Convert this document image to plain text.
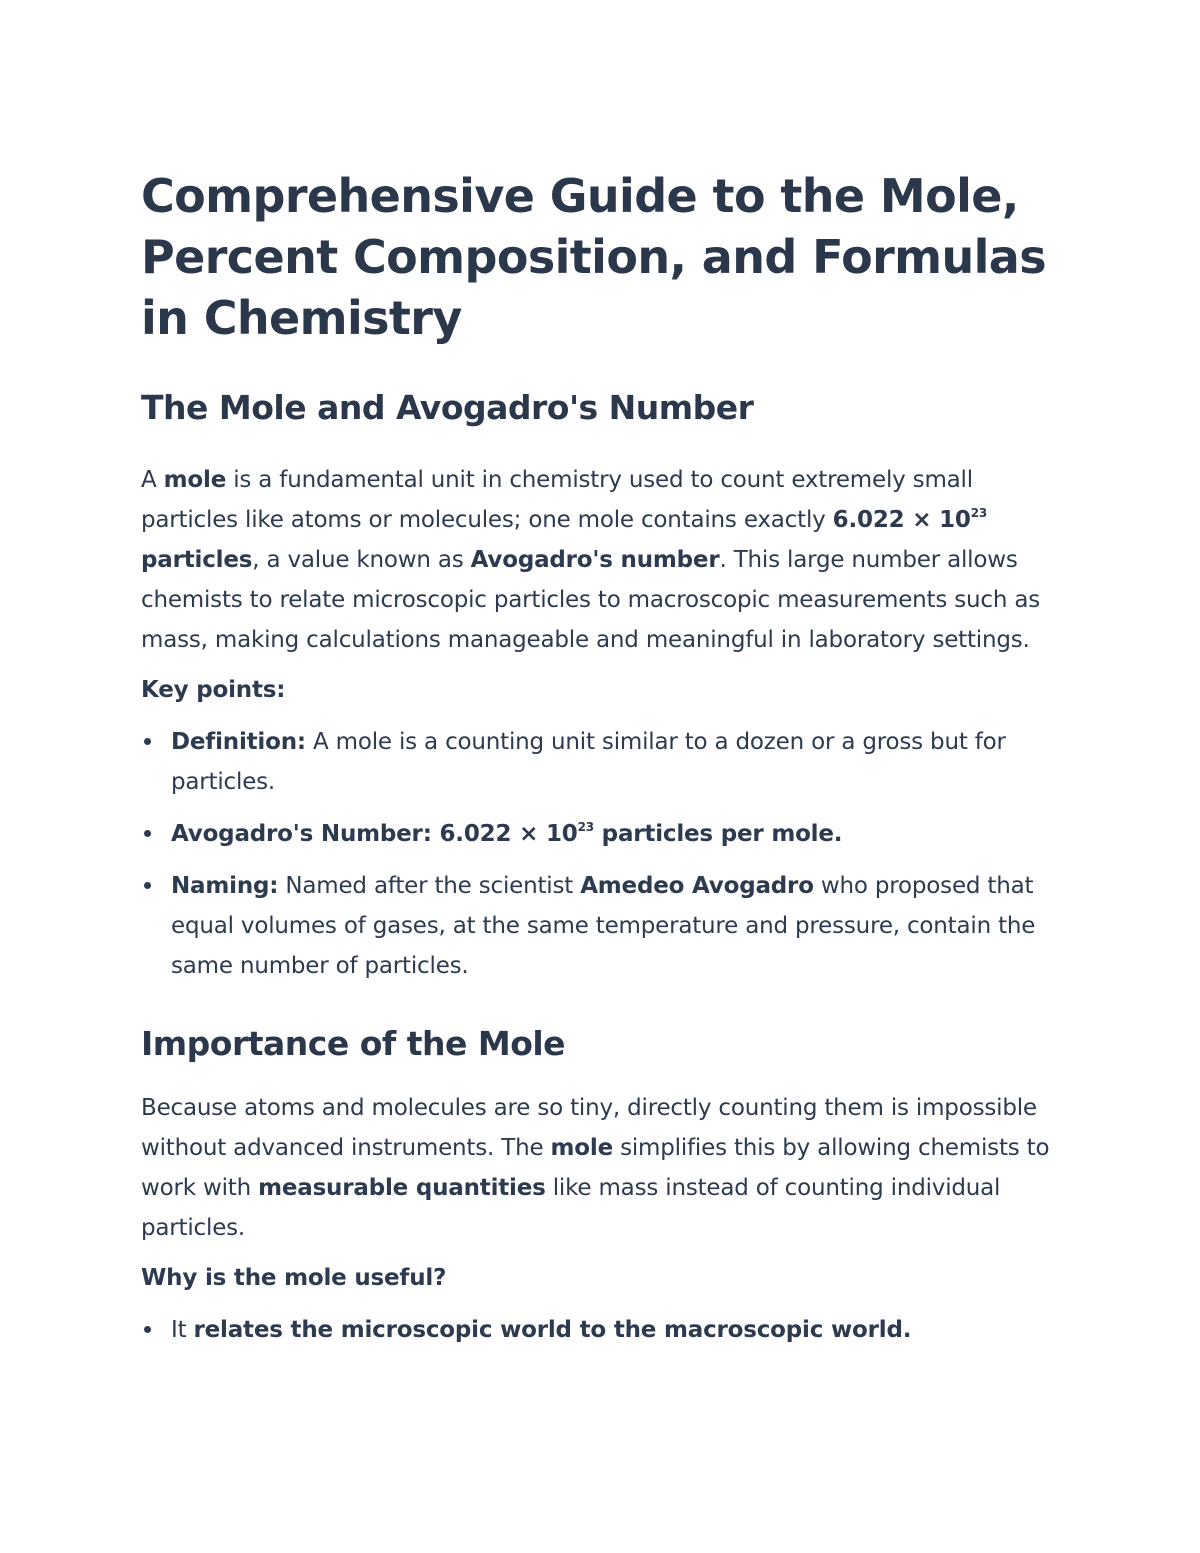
Comprehensive Guide to the Mole, Percent Composition, and Formulas in Chemistry
The Mole and Avogadro's Number

A mole is a fundamental unit in chemistry used to count extremely small particles like atoms or molecules; one mole contains exactly $6.022 \times 10^{23}$
particles, a value known as Avogadro's number. This large number allows chemists to relate microscopic particles to macroscopic measurements such as mass, making calculations manageable and meaningful in laboratory settings.

Key points:

Definition: A mole is a counting unit similar to a dozen or a gross but for particles.
Avogadro's Number: $6.022 \times 10^{23}$ particles per mole.
Naming: Named after the scientist Amedeo Avogadro who proposed that equal volumes of gases, at the same temperature and pressure, contain the same number of particles.
Importance of the Mole

Because atoms and molecules are so tiny, directly counting them is impossible without advanced instruments. The mole simplifies this by allowing chemists to work with measurable quantities like mass instead of counting individual particles.

Why is the mole useful?

It relates the microscopic world to the macroscopic world.
